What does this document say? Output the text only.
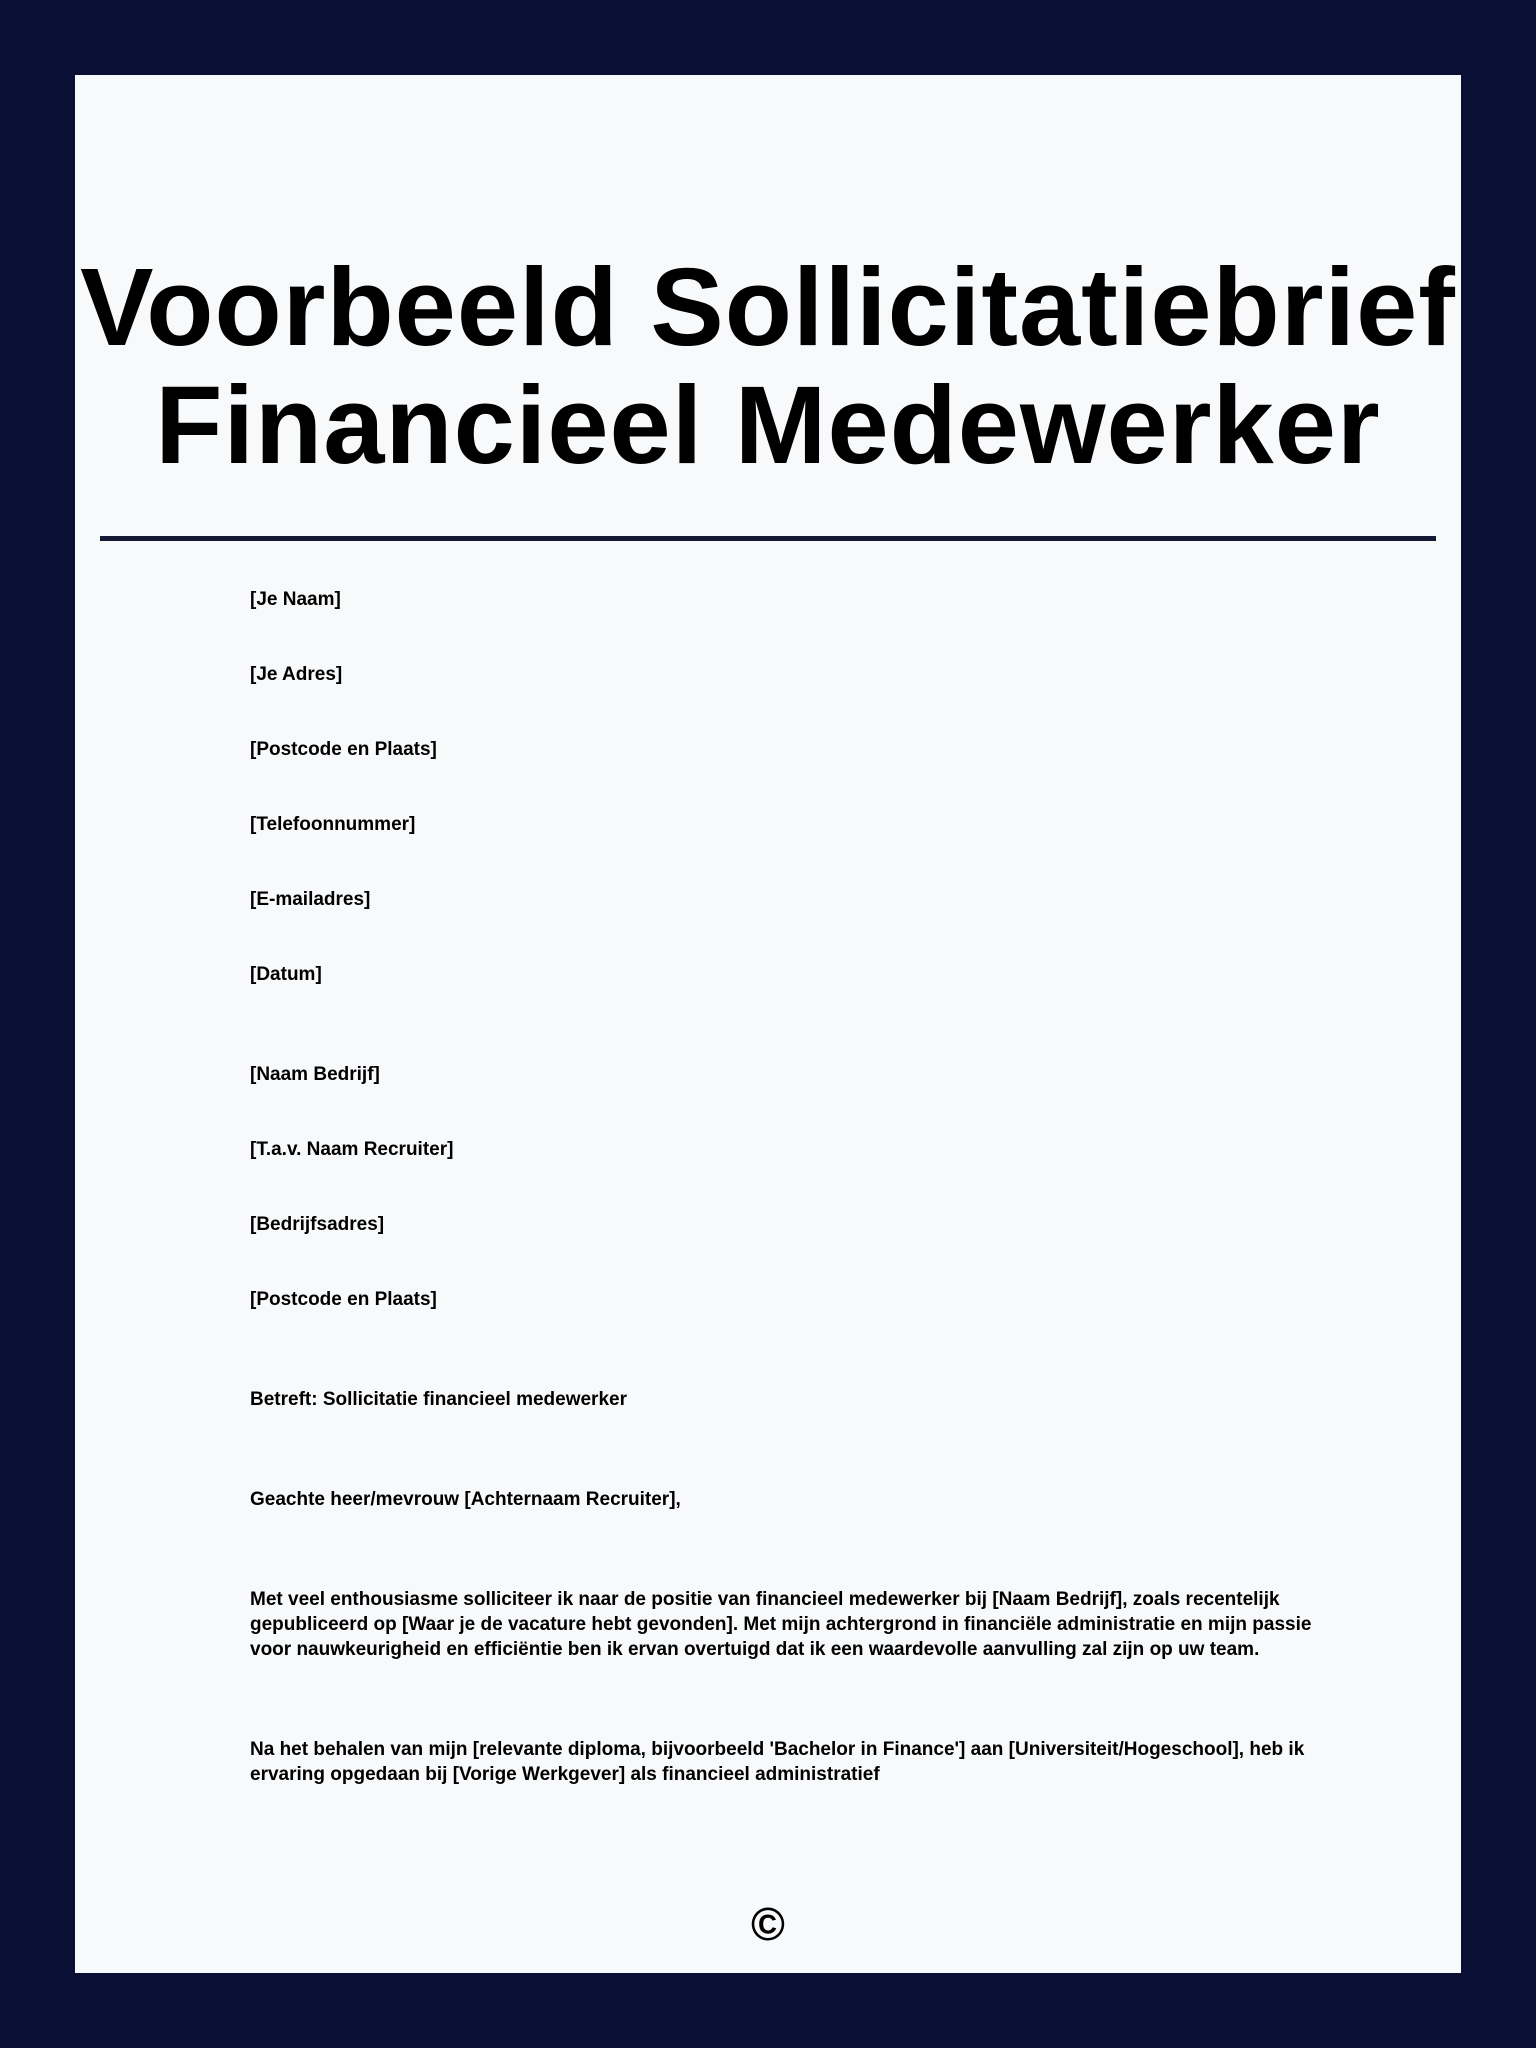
Voorbeeld Sollicitatiebrief
Financieel Medewerker

[Je Naam]

[Je Adres]

[Postcode en Plaats]

[Telefoonnummer]

[E-mailadres]

[Datum]

[Naam Bedrijf]

[T.a.v. Naam Recruiter]

[Bedrijfsadres]

[Postcode en Plaats]

Betreft: Sollicitatie financieel medewerker

Geachte heer/mevrouw [Achternaam Recruiter],

Met veel enthousiasme solliciteer ik naar de positie van financieel medewerker bij [Naam Bedrijf], zoals recentelijk gepubliceerd op [Waar je de vacature hebt gevonden]. Met mijn achtergrond in financiële administratie en mijn passie voor nauwkeurigheid en efficiëntie ben ik ervan overtuigd dat ik een waardevolle aanvulling zal zijn op uw team.

Na het behalen van mijn [relevante diploma, bijvoorbeeld 'Bachelor in Finance'] aan [Universiteit/Hogeschool], heb ik ervaring opgedaan bij [Vorige Werkgever] als financieel administratief

©
